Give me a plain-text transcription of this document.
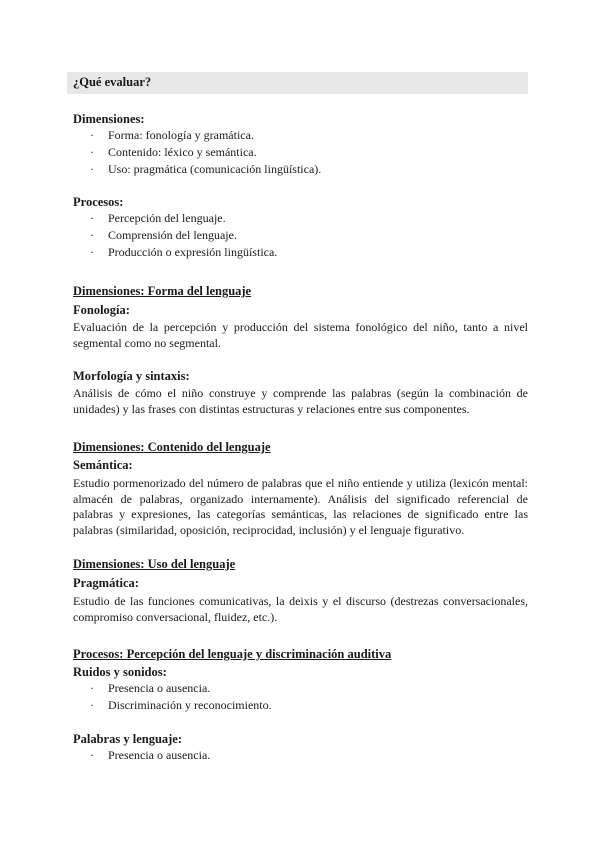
¿Qué evaluar?
Dimensiones:
· Forma: fonología y gramática.
· Contenido: léxico y semántica.
· Uso: pragmática (comunicación lingüística).
Procesos:
· Percepción del lenguaje.
· Comprensión del lenguaje.
· Producción o expresión lingüística.
Dimensiones: Forma del lenguaje
Fonología:
Evaluación de la percepción y producción del sistema fonológico del niño, tanto a nivel segmental como no segmental.
Morfología y sintaxis:
Análisis de cómo el niño construye y comprende las palabras (según la combinación de unidades) y las frases con distintas estructuras y relaciones entre sus componentes.
Dimensiones: Contenido del lenguaje
Semántica:
Estudio pormenorizado del número de palabras que el niño entiende y utiliza (lexicón mental: almacén de palabras, organizado internamente). Análisis del significado referencial de palabras y expresiones, las categorías semánticas, las relaciones de significado entre las palabras (similaridad, oposición, reciprocidad, inclusión) y el lenguaje figurativo.
Dimensiones: Uso del lenguaje
Pragmática:
Estudio de las funciones comunicativas, la deixis y el discurso (destrezas conversacionales, compromiso conversacional, fluidez, etc.).
Procesos: Percepción del lenguaje y discriminación auditiva
Ruidos y sonidos:
· Presencia o ausencia.
· Discriminación y reconocimiento.
Palabras y lenguaje:
· Presencia o ausencia.
